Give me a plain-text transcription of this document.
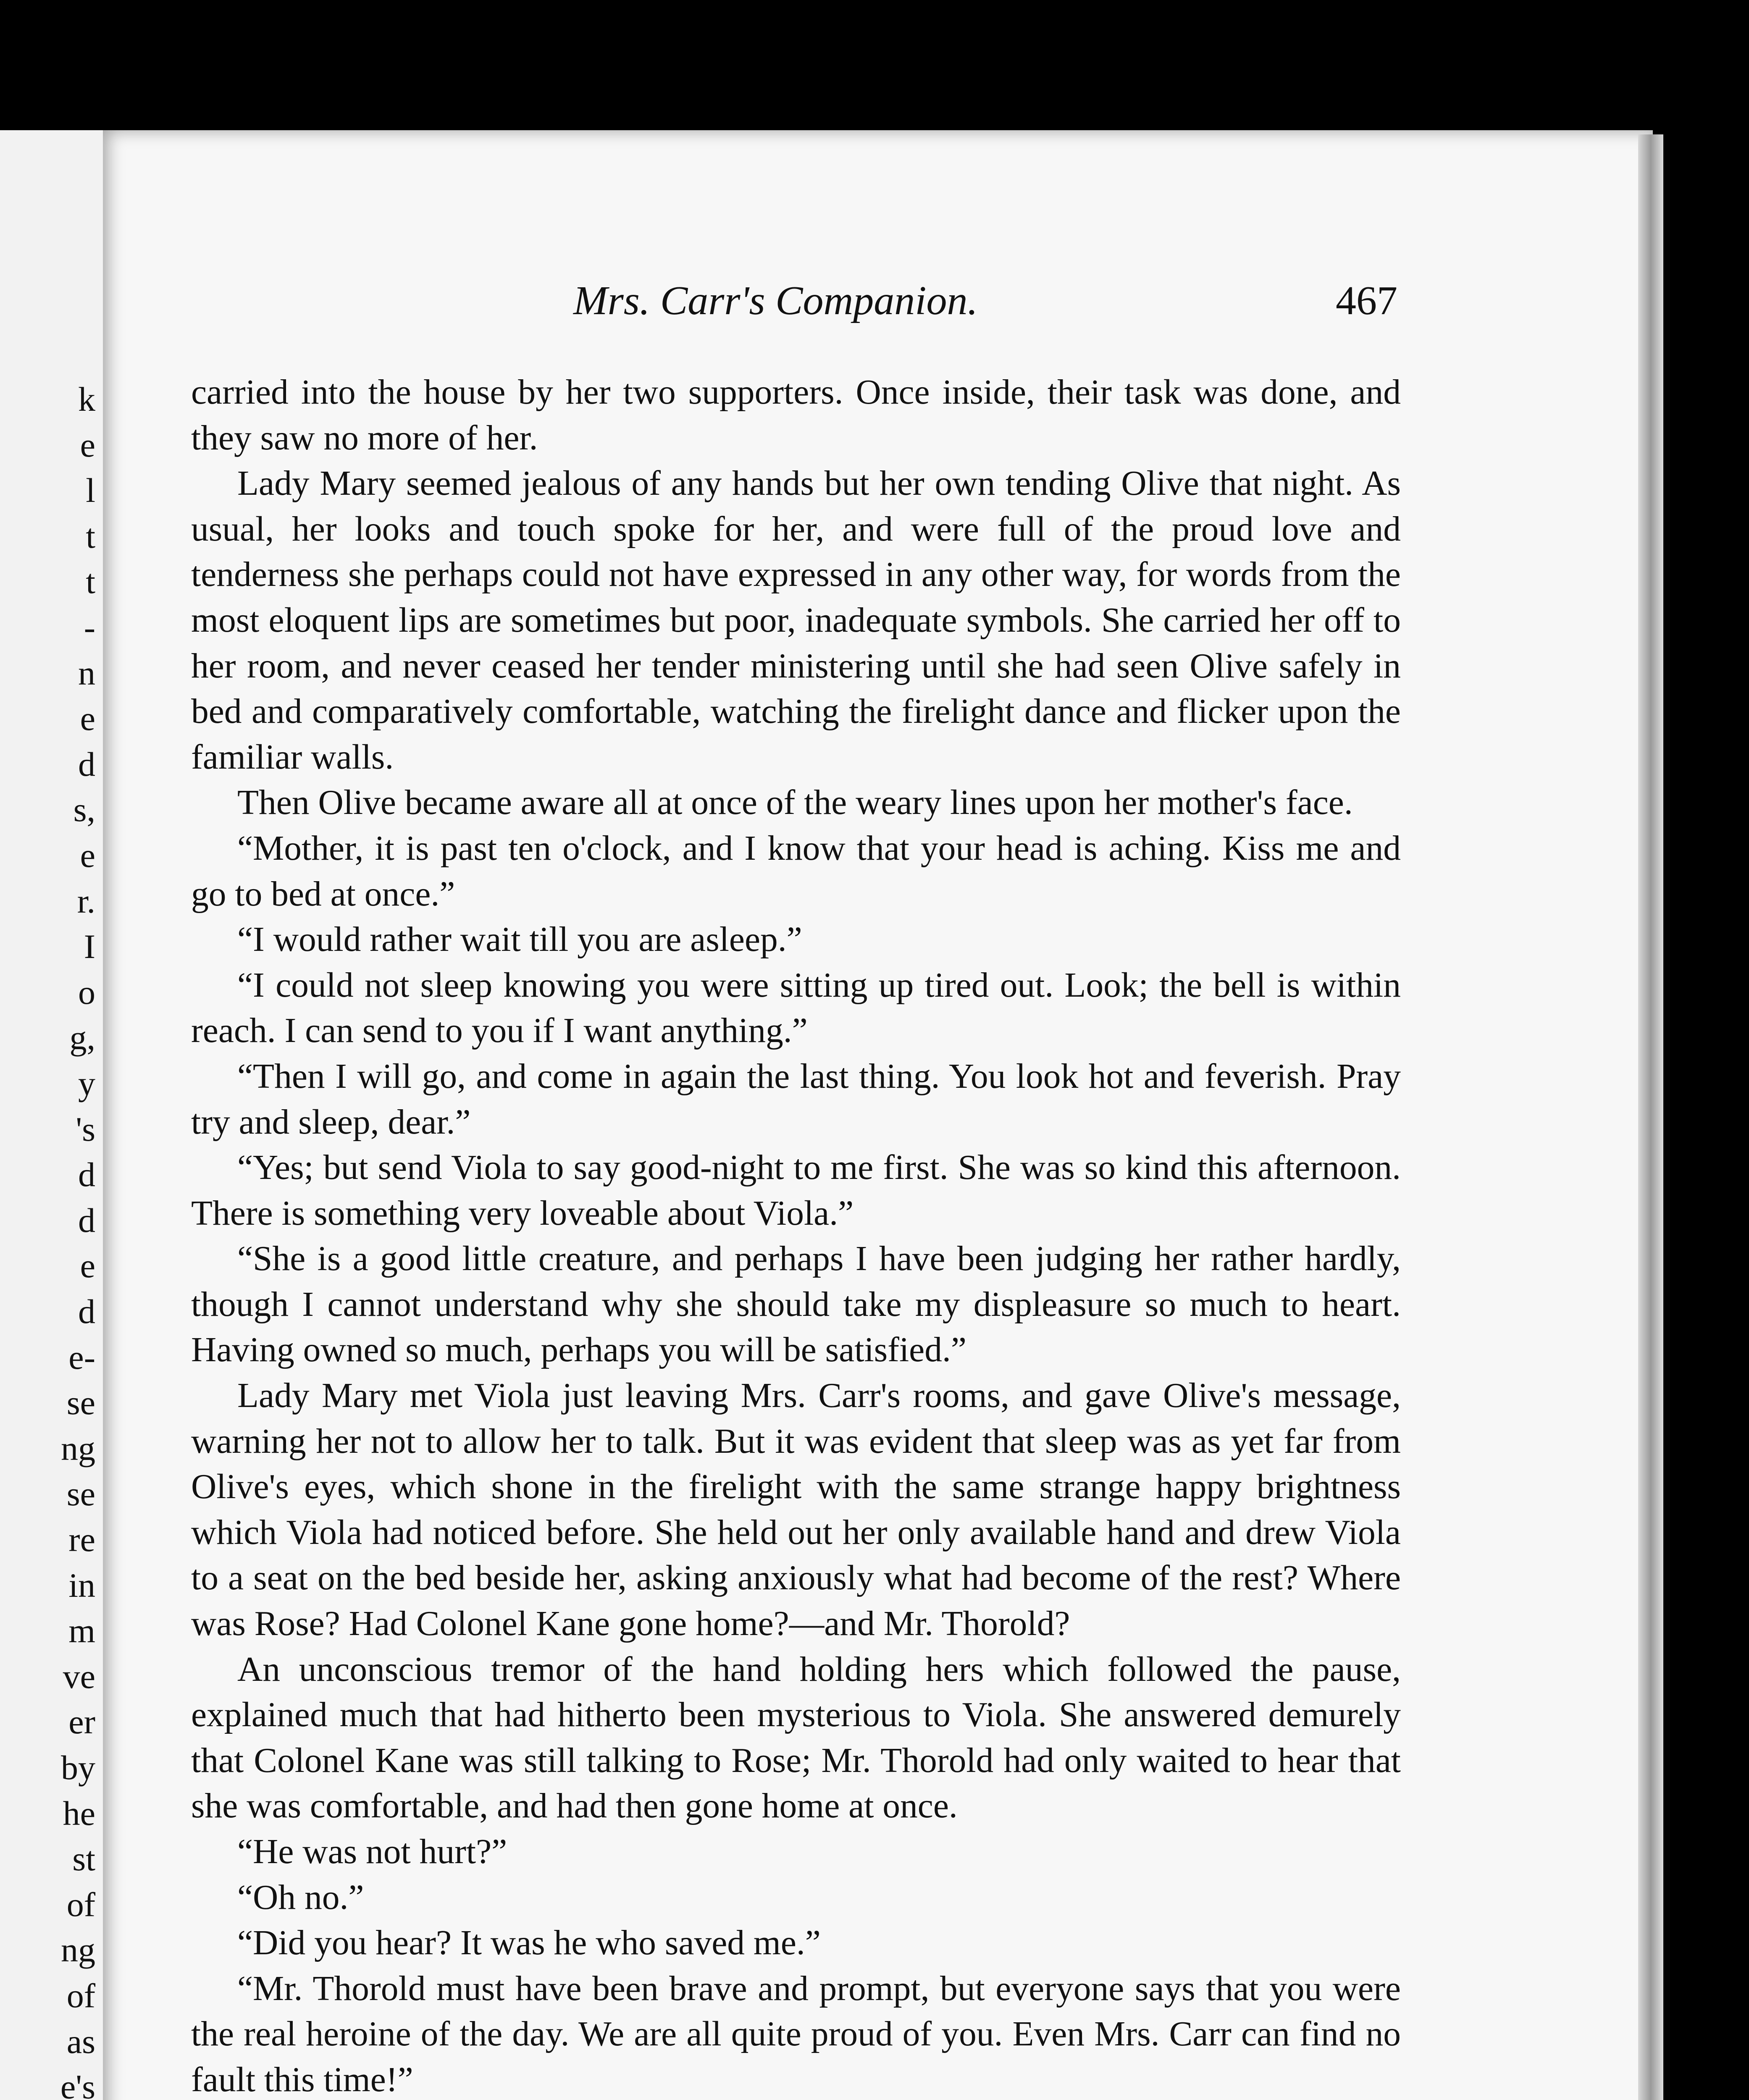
k
e
l
t
t
-
n
e
d
s,
e
r.
I
o
g,
y
's
d
d
e
d
e-
se
ng
se
re
in
m
ve
er
by
he
st
of
ng
of
as
e's
Mrs. Carr's Companion.	467

carried into the house by her two supporters. Once inside, their task was done, and they saw no more of her.

Lady Mary seemed jealous of any hands but her own tending Olive that night. As usual, her looks and touch spoke for her, and were full of the proud love and tenderness she perhaps could not have expressed in any other way, for words from the most eloquent lips are sometimes but poor, inadequate symbols. She carried her off to her room, and never ceased her tender ministering until she had seen Olive safely in bed and comparatively comfortable, watching the firelight dance and flicker upon the familiar walls.

Then Olive became aware all at once of the weary lines upon her mother's face.

“Mother, it is past ten o'clock, and I know that your head is aching. Kiss me and go to bed at once.”

“I would rather wait till you are asleep.”

“I could not sleep knowing you were sitting up tired out. Look; the bell is within reach. I can send to you if I want anything.”

“Then I will go, and come in again the last thing. You look hot and feverish. Pray try and sleep, dear.”

“Yes; but send Viola to say good-night to me first. She was so kind this afternoon. There is something very loveable about Viola.”

“She is a good little creature, and perhaps I have been judging her rather hardly, though I cannot understand why she should take my displeasure so much to heart. Having owned so much, perhaps you will be satisfied.”

Lady Mary met Viola just leaving Mrs. Carr's rooms, and gave Olive's message, warning her not to allow her to talk. But it was evident that sleep was as yet far from Olive's eyes, which shone in the firelight with the same strange happy brightness which Viola had noticed before. She held out her only available hand and drew Viola to a seat on the bed beside her, asking anxiously what had become of the rest? Where was Rose? Had Colonel Kane gone home?—and Mr. Thorold?

An unconscious tremor of the hand holding hers which followed the pause, explained much that had hitherto been mysterious to Viola. She answered demurely that Colonel Kane was still talking to Rose; Mr. Thorold had only waited to hear that she was comfortable, and had then gone home at once.

“He was not hurt?”

“Oh no.”

“Did you hear? It was he who saved me.”

“Mr. Thorold must have been brave and prompt, but everyone says that you were the real heroine of the day. We are all quite proud of you. Even Mrs. Carr can find no fault this time!”
